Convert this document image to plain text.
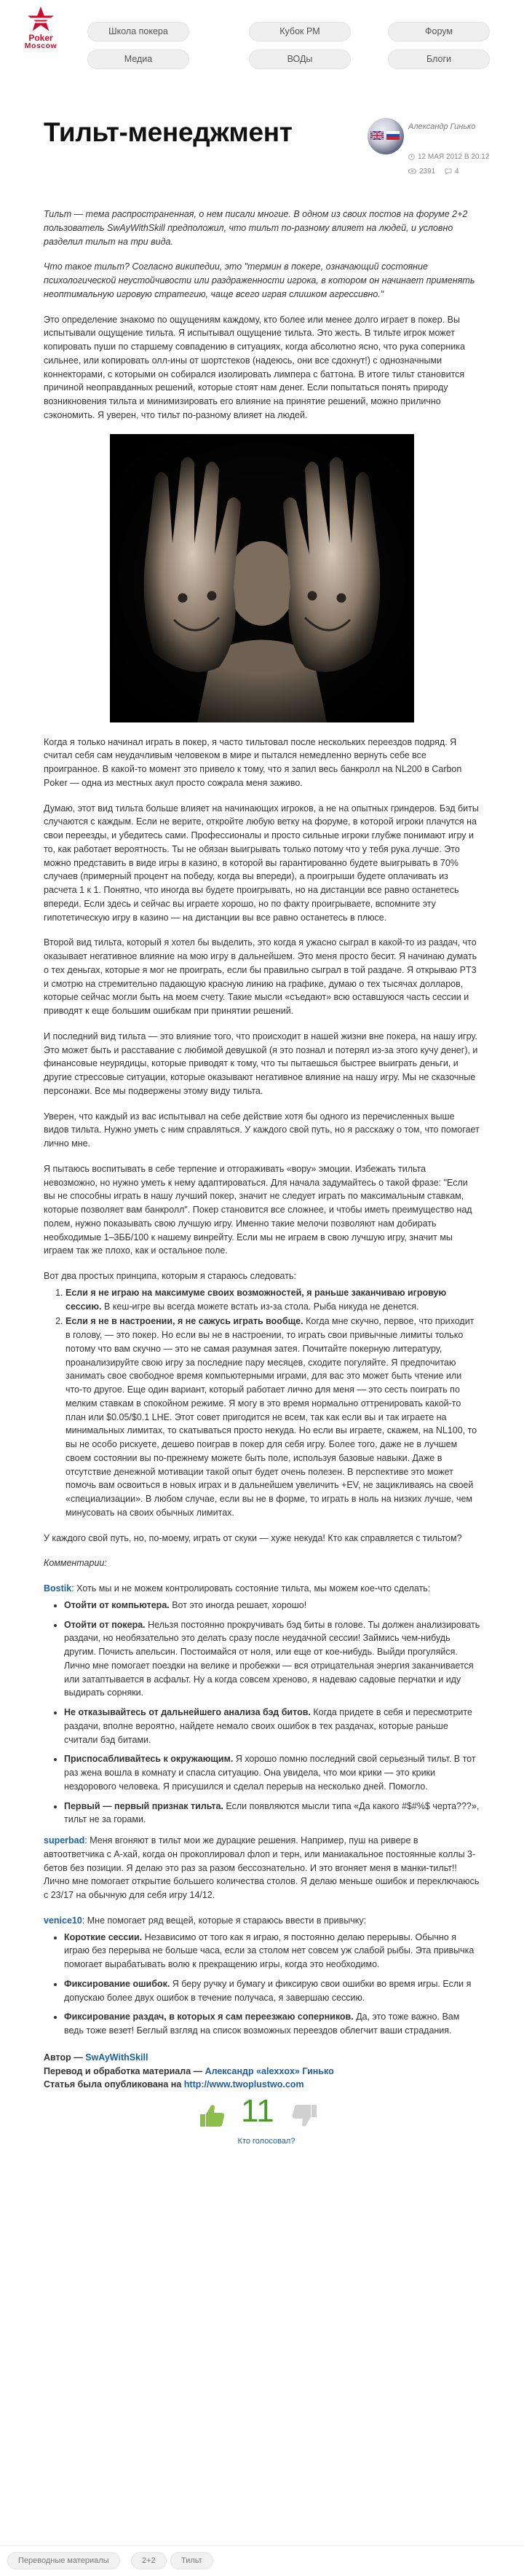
Poker
Moscow
Школа покера	Кубок PM	Форум
Медиа	ВОДы	Блоги
Тильт-менеджмент	Александр Гинько
12 МАЯ 2012 В 20:12
2391	4

Тильт — тема распространенная, о нем писали многие. В одном из своих постов на форуме 2+2 пользователь SwAyWithSkill предположил, что тильт по-разному влияет на людей, и условно разделил тильт на три вида.

Что такое тильт? Согласно википедии, это "термин в покере, означающий состояние психологической неустойчивости или раздраженности игрока, в котором он начинает применять неоптимальную игровую стратегию, чаще всего играя слишком агрессивно."

Это определение знакомо по ощущениям каждому, кто более или менее долго играет в покер. Вы испытывали ощущение тильта. Я испытывал ощущение тильта. Это жесть. В тильте игрок может копировать пуши по старшему совпадению в ситуациях, когда абсолютно ясно, что рука соперника сильнее, или копировать олл-ины от шортстеков (надеюсь, они все сдохнут!) с однозначными коннекторами, с которыми он собирался изолировать лимпера с баттона. В итоге тильт становится причиной неоправданных решений, которые стоят нам денег. Если попытаться понять природу возникновения тильта и минимизировать его влияние на принятие решений, можно прилично сэкономить. Я уверен, что тильт по-разному влияет на людей.

Когда я только начинал играть в покер, я часто тильтовал после нескольких переездов подряд. Я считал себя сам неудачливым человеком в мире и пытался немедленно вернуть себе все проигранное. В какой-то момент это привело к тому, что я запил весь банкролл на NL200 в Carbon Poker — одна из местных акул просто сожрала меня заживо.

Думаю, этот вид тильта больше влияет на начинающих игроков, а не на опытных гриндеров. Бэд биты случаются с каждым. Если не верите, откройте любую ветку на форуме, в которой игроки плачутся на свои переезды, и убедитесь сами. Профессионалы и просто сильные игроки глубже понимают игру и то, как работает вероятность. Ты не обязан выигрывать только потому что у тебя рука лучше. Это можно представить в виде игры в казино, в которой вы гарантированно будете выигрывать в 70% случаев (примерный процент на победу, когда вы впереди), а проигрыши будете оплачивать из расчета 1 к 1. Понятно, что иногда вы будете проигрывать, но на дистанции все равно останетесь впереди. Если здесь и сейчас вы играете хорошо, но по факту проигрываете, вспомните эту гипотетическую игру в казино — на дистанции вы все равно останетесь в плюсе.

Второй вид тильта, который я хотел бы выделить, это когда я ужасно сыграл в какой-то из раздач, что оказывает негативное влияние на мою игру в дальнейшем. Это меня просто бесит. Я начинаю думать о тех деньгах, которые я мог не проиграть, если бы правильно сыграл в той раздаче. Я открываю PT3 и смотрю на стремительно падающую красную линию на графике, думаю о тех тысячах долларов, которые сейчас могли быть на моем счету. Такие мысли «съедают» всю оставшуюся часть сессии и приводят к еще большим ошибкам при принятии решений.

И последний вид тильта — это влияние того, что происходит в нашей жизни вне покера, на нашу игру. Это может быть и расставание с любимой девушкой (я это познал и потерял из-за этого кучу денег), и финансовые неурядицы, которые приводят к тому, что ты пытаешься быстрее выиграть деньги, и другие стрессовые ситуации, которые оказывают негативное влияние на нашу игру. Мы не сказочные персонажи. Все мы подвержены этому виду тильта.

Уверен, что каждый из вас испытывал на себе действие хотя бы одного из перечисленных выше видов тильта. Нужно уметь с ним справляться. У каждого свой путь, но я расскажу о том, что помогает лично мне.

Я пытаюсь воспитывать в себе терпение и отгораживать «вору» эмоции. Избежать тильта невозможно, но нужно уметь к нему адаптироваться. Для начала задумайтесь о такой фразе: "Если вы не способны играть в нашу лучший покер, значит не следует играть по максимальным ставкам, которые позволяет вам банкролл". Покер становится все сложнее, и чтобы иметь преимущество над полем, нужно показывать свою лучшую игру. Именно такие мелочи позволяют нам добирать необходимые 1–3ББ/100 к нашему винрейту. Если мы не играем в свою лучшую игру, значит мы играем так же плохо, как и остальное поле.

Вот два простых принципа, которым я стараюсь следовать:

1. Если я не играю на максимуме своих возможностей, я раньше заканчиваю игровую сессию. В кеш-игре вы всегда можете встать из-за стола. Рыба никуда не денется.
2. Если я не в настроении, я не сажусь играть вообще. Когда мне скучно, первое, что приходит в голову, — это покер. Но если вы не в настроении, то играть свои привычные лимиты только потому что вам скучно — это не самая разумная затея. Почитайте покерную литературу, проанализируйте свою игру за последние пару месяцев, сходите погуляйте. Я предпочитаю занимать свое свободное время компьютерными играми, для вас это может быть чтение или что-то другое. Еще один вариант, который работает лично для меня — это сесть поиграть по мелким ставкам в спокойном режиме. Я могу в это время нормально оттренировать какой-то план или $0.05/$0.1 LHE. Этот совет пригодится не всем, так как если вы и так играете на минимальных лимитах, то скатываться просто некуда. Но если вы играете, скажем, на NL100, то вы не особо рискуете, дешево поиграв в покер для себя игру. Более того, даже не в лучшем своем состоянии вы по-прежнему можете быть поле, используя базовые навыки. Даже в отсутствие денежной мотивации такой опыт будет очень полезен. В перспективе это может помочь вам освоиться в новых играх и в дальнейшем увеличить +EV, не зацикливаясь на своей «специализации». В любом случае, если вы не в форме, то играть в ноль на низких лучше, чем минусовать на своих обычных лимитах.

У каждого свой путь, но, по-моему, играть от скуки — хуже некуда! Кто как справляется с тильтом?

Комментарии:

Bostik: Хоть мы и не можем контролировать состояние тильта, мы можем кое-что сделать:

• Отойти от компьютера. Вот это иногда решает, хорошо!
• Отойти от покера. Нельзя постоянно прокручивать бэд биты в голове. Ты должен анализировать раздачи, но необязательно это делать сразу после неудачной сессии! Займись чем-нибудь другим. Почисть апельсин. Постоимайся от ноля, или еще от кое-нибудь. Выйди прогуляйся. Лично мне помогает поездки на велике и пробежки — вся отрицательная энергия заканчивается или затаптывается в асфальт. Ну а когда совсем хреново, я надеваю садовые перчатки и иду выдирать сорняки.
• Не отказывайтесь от дальнейшего анализа бэд битов. Когда придете в себя и пересмотрите раздачи, вполне вероятно, найдете немало своих ошибок в тех раздачах, которые раньше считали бэд битами.
• Приспосабливайтесь к окружающим. Я хорошо помню последний свой серьезный тильт. В тот раз жена вошла в комнату и спасла ситуацию. Она увидела, что мои крики — это крики нездорового человека. Я присушился и сделал перерыв на несколько дней. Помогло.
• Первый — первый признак тильта. Если появляются мысли типа «Да какого #$#%$ черта???», тильт не за горами.

superbad: Меня вгоняют в тильт мои же дурацкие решения. Например, пуш на ривере в автоответчика с A-хай, когда он прокоплировал флоп и терн, или маниакальное постоянные коллы 3-бетов без позиции. Я делаю это раз за разом бессознательно. И это вгоняет меня в манки-тильт!! Лично мне помогает открытие большего количества столов. Я делаю меньше ошибок и переключаюсь с 23/17 на обычную для себя игру 14/12.

venice10: Мне помогает ряд вещей, которые я стараюсь ввести в привычку:

• Короткие сессии. Независимо от того как я играю, я постоянно делаю перерывы. Обычно я играю без перерыва не больше часа, если за столом нет совсем уж слабой рыбы. Эта привычка помогает вырабатывать волю к прекращению игры, когда это необходимо.
• Фиксирование ошибок. Я беру ручку и бумагу и фиксирую свои ошибки во время игры. Если я допускаю более двух ошибок в течение получаса, я завершаю сессию.
• Фиксирование раздач, в которых я сам переезжаю соперников. Да, это тоже важно. Вам ведь тоже везет! Беглый взгляд на список возможных переездов облегчит ваши страдания.
Автор — SwAyWithSkill
Перевод и обработка материала — Александр «alexxox» Гинько
Статья была опубликована на http://www.twoplustwo.com
11
Кто голосовал?
Переводные материалы	2+2	Тильт
